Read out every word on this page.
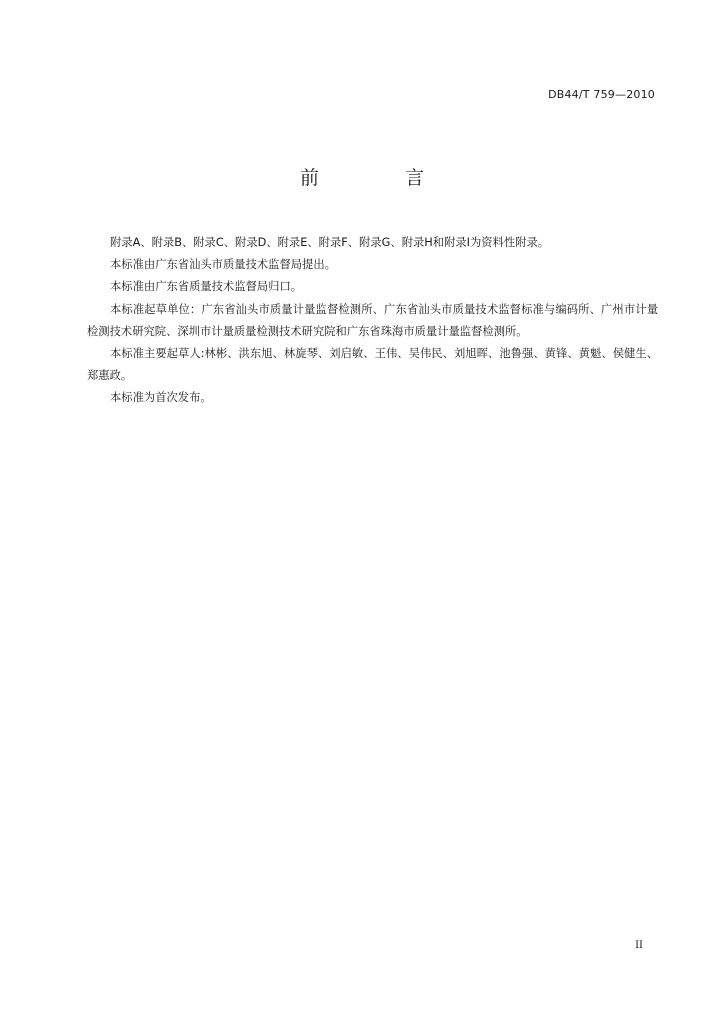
DB44/T 759—2010
前 言

附录A、附录B、附录C、附录D、附录E、附录F、附录G、附录H和附录I为资料性附录。

本标准由广东省汕头市质量技术监督局提出。

本标准由广东省质量技术监督局归口。

本标准起草单位：广东省汕头市质量计量监督检测所、广东省汕头市质量技术监督标准与编码所、广州市计量检测技术研究院、深圳市计量质量检测技术研究院和广东省珠海市质量计量监督检测所。

本标准主要起草人:林彬、洪东旭、林旋琴、刘启敏、王伟、吴伟民、刘旭晖、池鲁强、黄锋、黄魁、侯健生、郑惠政。

本标准为首次发布。

II
